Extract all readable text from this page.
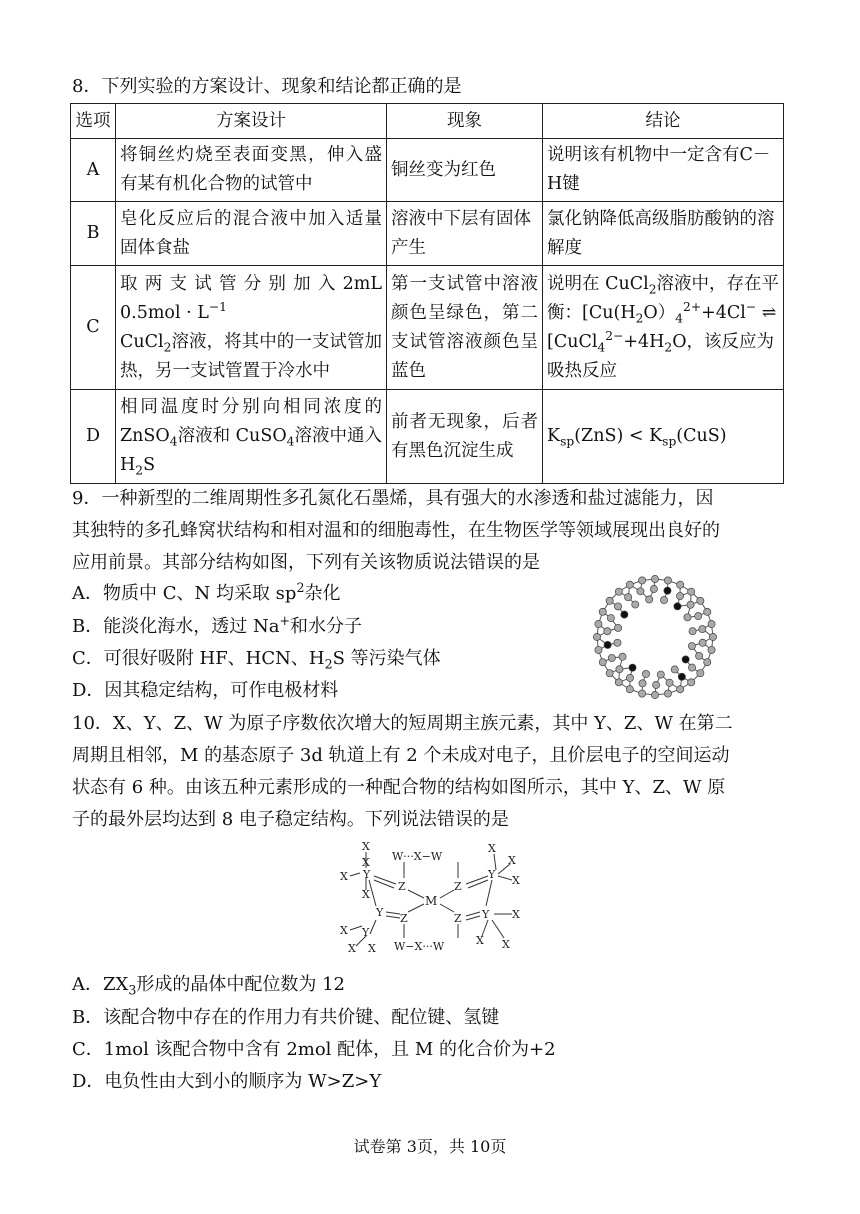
8．下列实验的方案设计、现象和结论都正确的是

选项	方案设计	现象	结论
A	将铜丝灼烧至表面变黑，伸入盛有某有机化合物的试管中	铜丝变为红色	说明该有机物中一定含有C－H键
B	皂化反应后的混合液中加入适量固体食盐	溶液中下层有固体产生	氯化钠降低高级脂肪酸钠的溶解度
C	取 两 支 试 管 分 别 加 入 2mL $0.5mol \cdot L^{-1}$
CuCl$_2$溶液，将其中的一支试管加热，另一支试管置于冷水中	第一支试管中溶液颜色呈绿色，第二支试管溶液颜色呈蓝色	说明在 CuCl$_2$溶液中，存在平衡：[$Cu(H_2O)_4^{2+}+4Cl^-$ ⇌ [$CuCl_4^{2-}+4H_2O$，该反应为吸热反应
D	相同温度时分别向相同浓度的ZnSO$_4$溶液和 CuSO$_4$溶液中通入$H_2S$	前者无现象，后者有黑色沉淀生成	$K_{sp}(ZnS) < K_{sp}(CuS)$

9．一种新型的二维周期性多孔氮化石墨烯，具有强大的水渗透和盐过滤能力，因

其独特的多孔蜂窝状结构和相对温和的细胞毒性，在生物医学等领域展现出良好的

应用前景。其部分结构如图，下列有关该物质说法错误的是

A．物质中 C、N 均采取 $sp^2$杂化
B．能淡化海水，透过 Na+和水分子
C．可很好吸附 HF、HCN、$H_2S$ 等污染气体
D．因其稳定结构，可作电极材料

10．X、Y、Z、W 为原子序数依次增大的短周期主族元素，其中 Y、Z、W 在第二

周期且相邻，M 的基态原子 3d 轨道上有 2 个未成对电子，且价层电子的空间运动

状态有 6 种。由该五种元素形成的一种配合物的结构如图所示，其中 Y、Z、W 原

子的最外层均达到 8 电子稳定结构。下列说法错误的是

X
X
X Y
X
Z
W···X−W
M
Y Z
X Y
X X W−X···W
Z
Z
Y
Y
X
X
X
X
X X
A．$ZX_3$形成的晶体中配位数为 12
B．该配合物中存在的作用力有共价键、配位键、氢键
C．1mol 该配合物中含有 2mol 配体，且 M 的化合价为+2
D．电负性由大到小的顺序为 W>Z>Y
试卷第 3页，共 10页
